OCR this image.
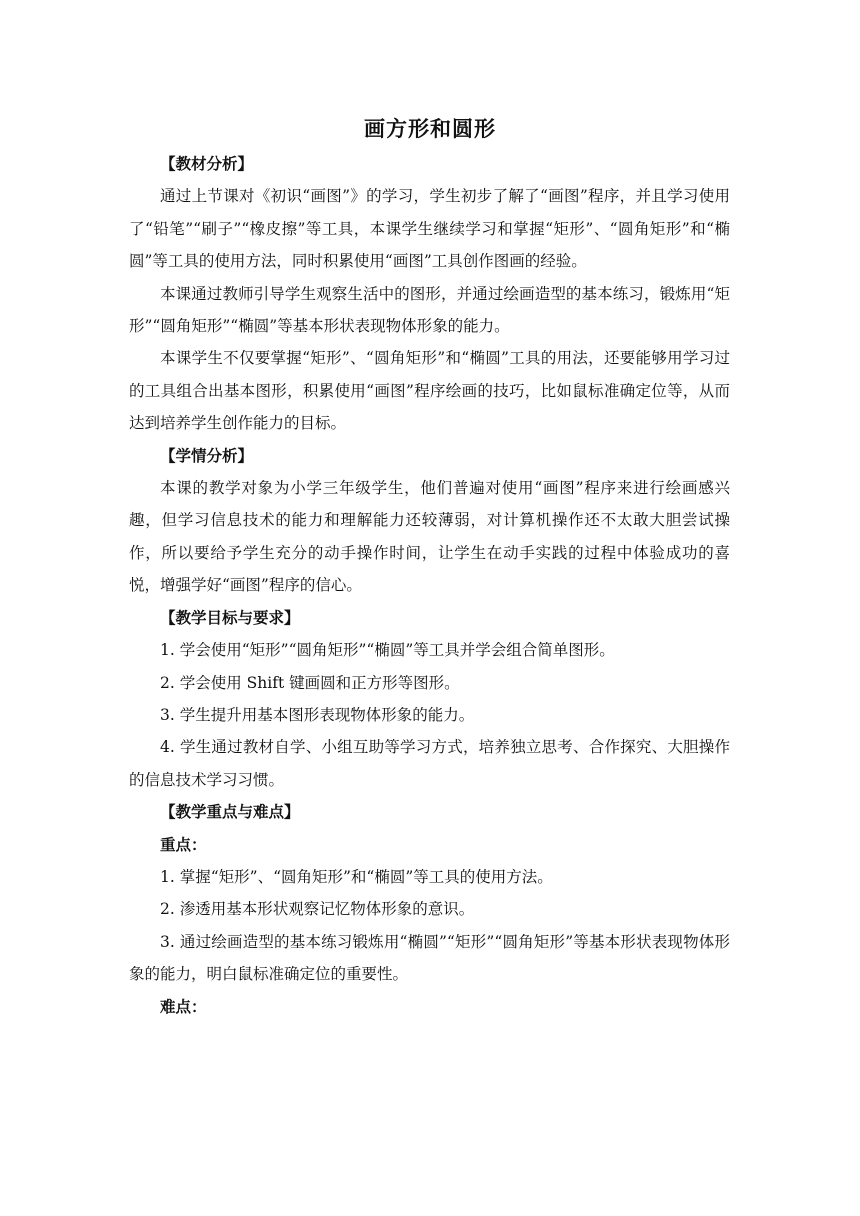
画方形和圆形

【教材分析】

通过上节课对《初识“画图”》的学习，学生初步了解了“画图”程序，并且学习使用了“铅笔”“刷子”“橡皮擦”等工具，本课学生继续学习和掌握“矩形”、“圆角矩形”和“椭圆”等工具的使用方法，同时积累使用“画图”工具创作图画的经验。

本课通过教师引导学生观察生活中的图形，并通过绘画造型的基本练习，锻炼用“矩形”“圆角矩形”“椭圆”等基本形状表现物体形象的能力。

本课学生不仅要掌握“矩形”、“圆角矩形”和“椭圆”工具的用法，还要能够用学习过的工具组合出基本图形，积累使用“画图”程序绘画的技巧，比如鼠标准确定位等，从而达到培养学生创作能力的目标。

【学情分析】

本课的教学对象为小学三年级学生，他们普遍对使用“画图”程序来进行绘画感兴趣，但学习信息技术的能力和理解能力还较薄弱，对计算机操作还不太敢大胆尝试操作，所以要给予学生充分的动手操作时间，让学生在动手实践的过程中体验成功的喜悦，增强学好“画图”程序的信心。

【教学目标与要求】

1. 学会使用“矩形”“圆角矩形”“椭圆”等工具并学会组合简单图形。

2. 学会使用 Shift 键画圆和正方形等图形。

3. 学生提升用基本图形表现物体形象的能力。

4. 学生通过教材自学、小组互助等学习方式，培养独立思考、合作探究、大胆操作的信息技术学习习惯。

【教学重点与难点】

重点：

1. 掌握“矩形”、“圆角矩形”和“椭圆”等工具的使用方法。

2. 渗透用基本形状观察记忆物体形象的意识。

3. 通过绘画造型的基本练习锻炼用“椭圆”“矩形”“圆角矩形”等基本形状表现物体形象的能力，明白鼠标准确定位的重要性。

难点：
